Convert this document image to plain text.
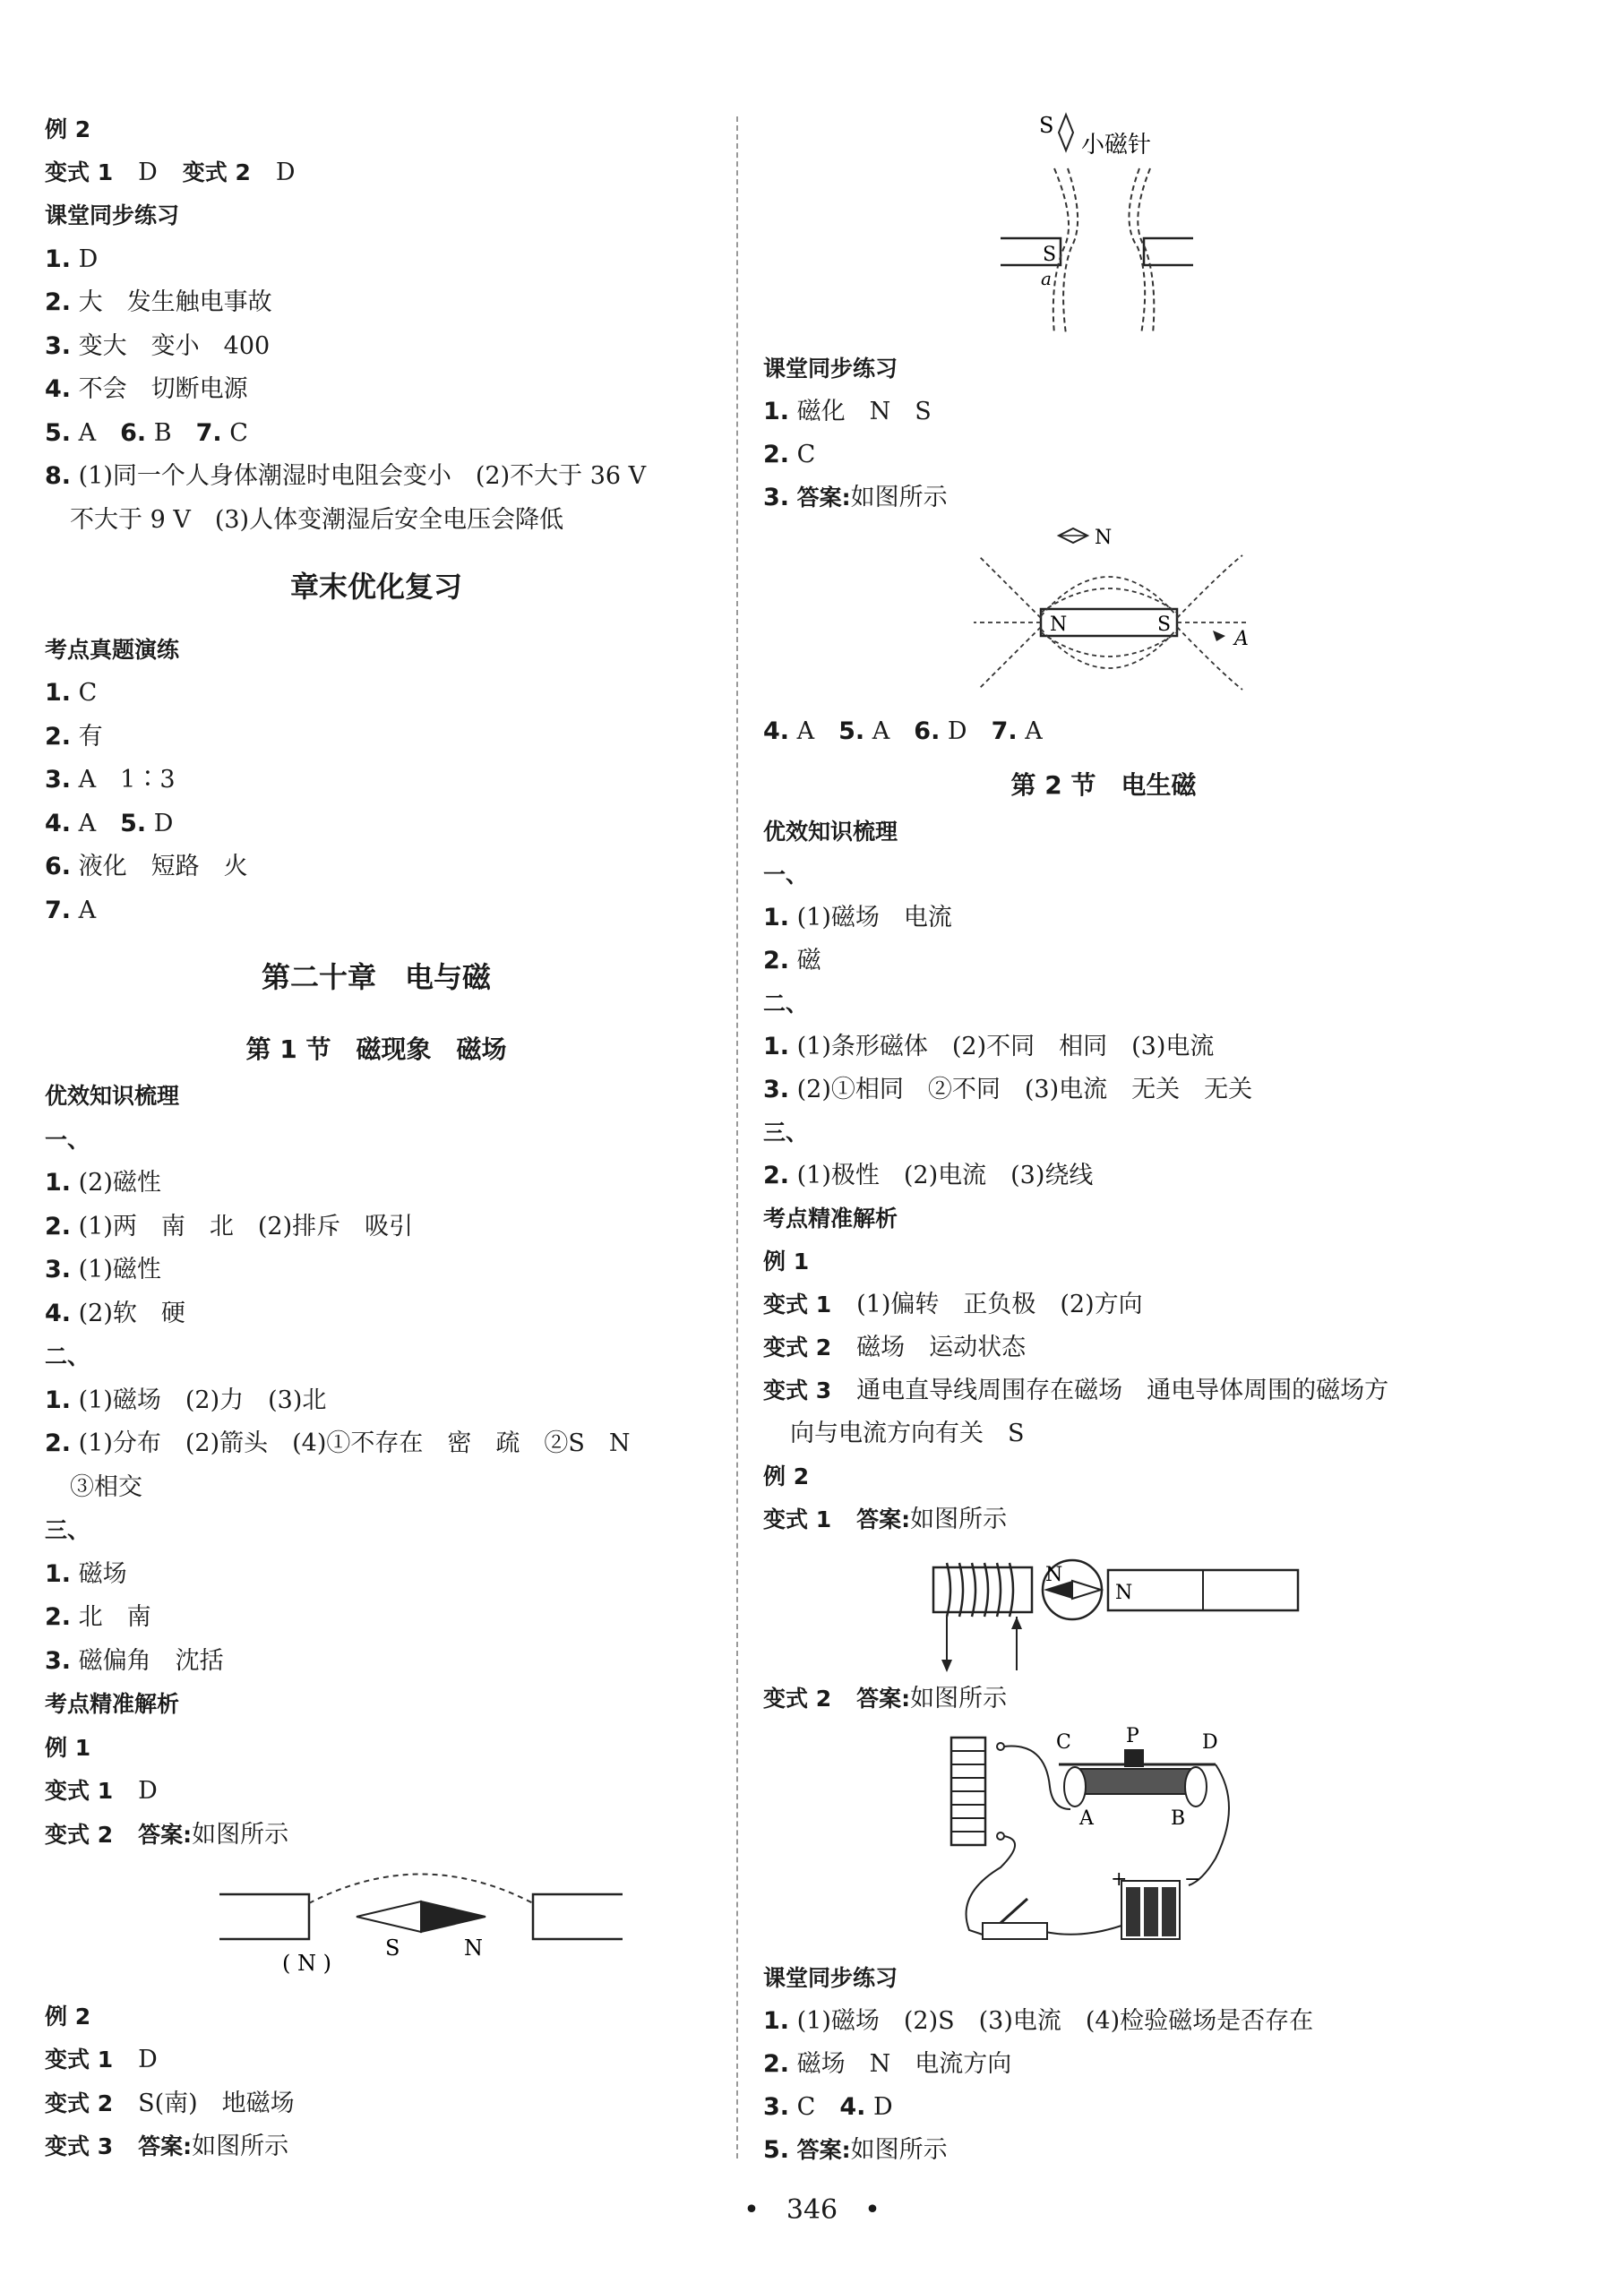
例 2
变式 1 D 变式 2 D
课堂同步练习
1. D
2. 大　发生触电事故
3. 变大　变小　400
4. 不会　切断电源
5. A　 6. B　 7. C
8. (1)同一个人身体潮湿时电阻会变小　(2)不大于 36 V
不大于 9 V　(3)人体变潮湿后安全电压会降低
章末优化复习
考点真题演练
1. C
2. 有
3. A　1∶3
4. A　 5. D
6. 液化　短路　火
7. A
第二十章　电与磁
第 1 节　磁现象　磁场
优效知识梳理
一、
1. (2)磁性
2. (1)两　南　北　(2)排斥　吸引
3. (1)磁性
4. (2)软　硬
二、
1. (1)磁场　(2)力　(3)北
2. (1)分布　(2)箭头　(4)①不存在　密　疏　②S　N
③相交
三、
1. 磁场
2. 北　南
3. 磁偏角　沈括
考点精准解析
例 1
变式 1 D
变式 2 答案:如图所示
S	N
( N )
例 2
变式 1 D
变式 2 S(南)　地磁场
变式 3 答案:如图所示
S
小磁针
S
a
课堂同步练习
1. 磁化　N　S
2. C
3. 答案:如图所示
N
N	S
A
4. A　 5. A　 6. D　 7. A
第 2 节　电生磁
优效知识梳理
一、
1. (1)磁场　电流
2. 磁
二、
1. (1)条形磁体　(2)不同　相同　(3)电流
3. (2)①相同　②不同　(3)电流　无关　无关
三、
2. (1)极性　(2)电流　(3)绕线
考点精准解析
例 1
变式 1 (1)偏转　正负极　(2)方向
变式 2 磁场　运动状态
变式 3 通电直导线周围存在磁场　通电导体周围的磁场方
向与电流方向有关　S
例 2
变式 1 答案:如图所示
N
N
变式 2 答案:如图所示
C	P	D
A	B
+	−
课堂同步练习
1. (1)磁场　(2)S　(3)电流　(4)检验磁场是否存在
2. 磁场　N　电流方向
3. C　 4. D
5. 答案:如图所示
•　346　•
